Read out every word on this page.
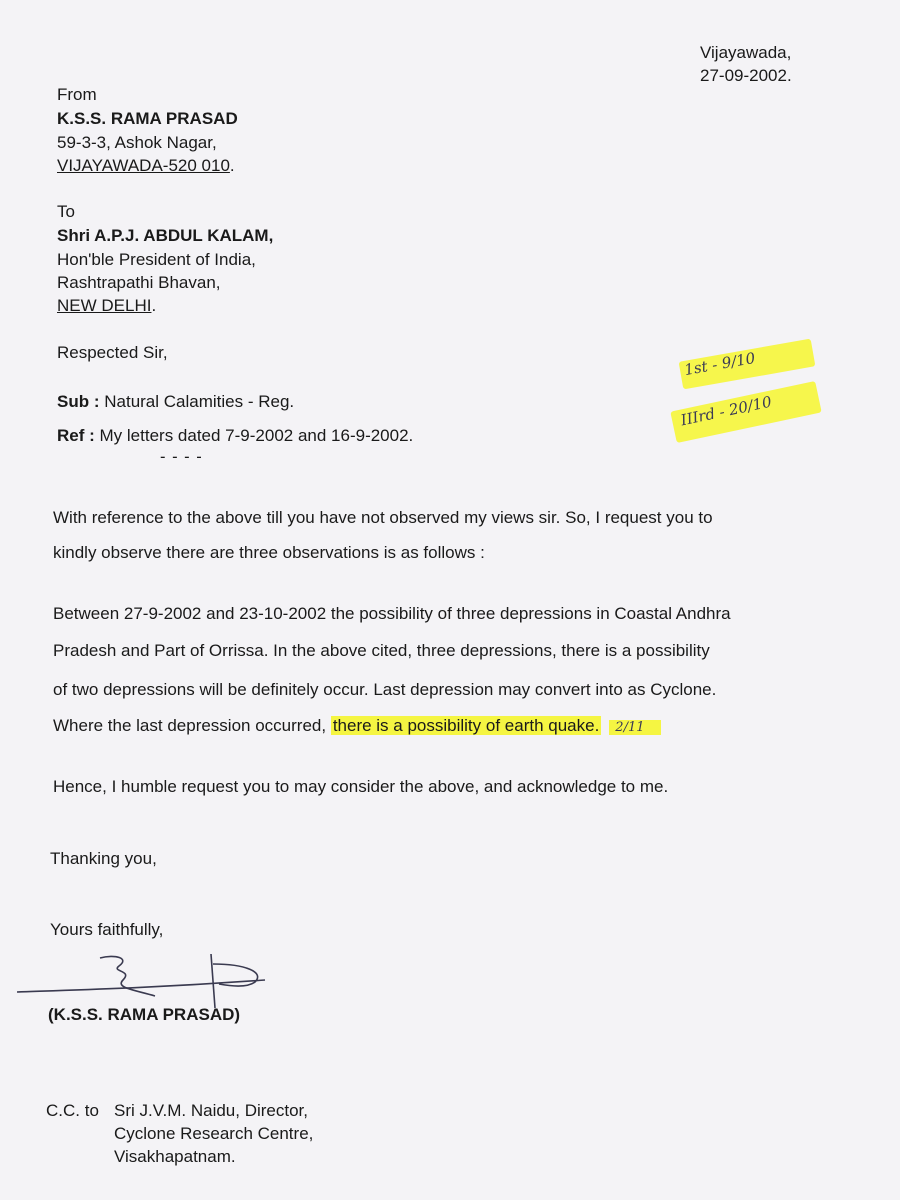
Vijayawada,
27-09-2002.
From
K.S.S. RAMA PRASAD
59-3-3, Ashok Nagar,
VIJAYAWADA-520 010.
To
Shri A.P.J. ABDUL KALAM,
Hon'ble President of India,
Rashtrapathi Bhavan,
NEW DELHI.
Respected Sir,
Sub : Natural Calamities - Reg.
Ref : My letters dated 7-9-2002 and 16-9-2002.
- - - -
1st - 9/10
IIIrd - 20/10
With reference to the above till you have not observed my views sir. So, I request you to
kindly observe there are three observations is as follows :
Between 27-9-2002 and 23-10-2002 the possibility of three depressions in Coastal Andhra
Pradesh and Part of Orrissa. In the above cited, three depressions, there is a possibility
of two depressions will be definitely occur. Last depression may convert into as Cyclone.
Where the last depression occurred, there is a possibility of earth quake. 2/11
Hence, I humble request you to may consider the above, and acknowledge to me.
Thanking you,
Yours faithfully,
(K.S.S. RAMA PRASAD)
C.C. to Sri J.V.M. Naidu, Director,
Cyclone Research Centre,
Visakhapatnam.
